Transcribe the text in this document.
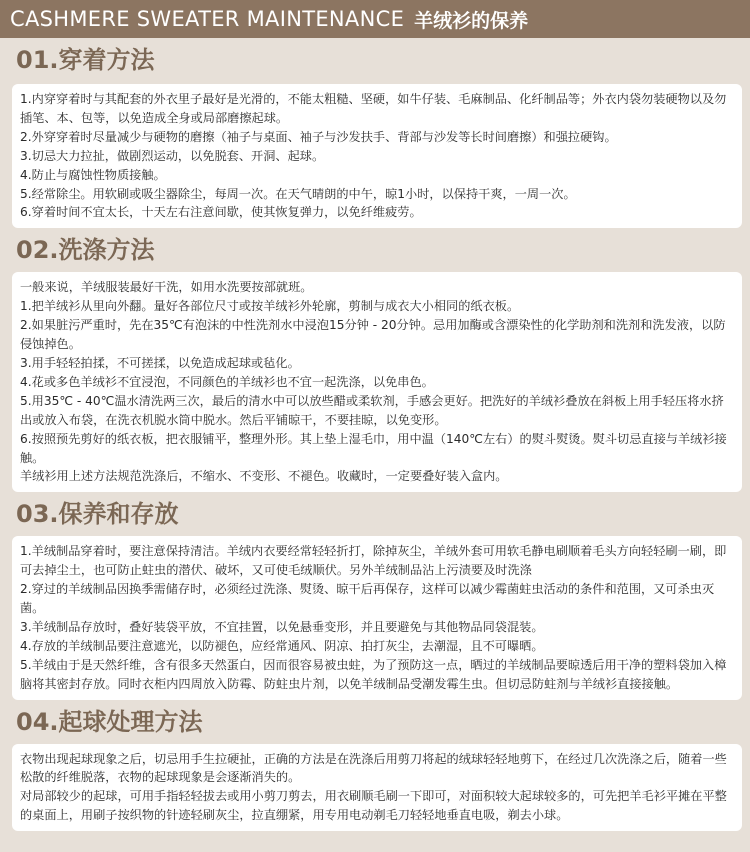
CASHMERE SWEATER MAINTENANCE 羊绒衫的保养
01.穿着方法

1.内穿穿着时与其配套的外衣里子最好是光滑的，不能太粗糙、坚硬，如牛仔装、毛麻制品、化纤制品等；外衣内袋勿装硬物以及勿插笔、本、包等，以免造成全身或局部磨擦起球。

2.外穿穿着时尽量减少与硬物的磨擦（袖子与桌面、袖子与沙发扶手、背部与沙发等长时间磨擦）和强拉硬钩。

3.切忌大力拉扯，做剧烈运动，以免脱套、开洞、起球。

4.防止与腐蚀性物质接触。

5.经常除尘。用软刷或吸尘器除尘，每周一次。在天气晴朗的中午，晾1小时，以保持干爽，一周一次。

6.穿着时间不宜太长，十天左右注意间歇，使其恢复弹力，以免纤维疲劳。

02.洗涤方法

一般来说，羊绒服装最好干洗，如用水洗要按部就班。

1.把羊绒衫从里向外翻。量好各部位尺寸或按羊绒衫外轮廓，剪制与成衣大小相同的纸衣板。

2.如果脏污严重时，先在35℃有泡沫的中性洗剂水中浸泡15分钟 - 20分钟。忌用加酶或含漂染性的化学助剂和洗剂和洗发液，以防侵蚀掉色。

3.用手轻轻拍揉，不可搓揉，以免造成起球或毡化。

4.花或多色羊绒衫不宜浸泡，不同颜色的羊绒衫也不宜一起洗涤，以免串色。

5.用35℃ - 40℃温水清洗两三次，最后的清水中可以放些醋或柔软剂，手感会更好。把洗好的羊绒衫叠放在斜板上用手轻压将水挤出或放入布袋，在洗衣机脱水筒中脱水。然后平铺晾干，不要挂晾，以免变形。

6.按照预先剪好的纸衣板，把衣服铺平，整理外形。其上垫上湿毛巾，用中温（140℃左右）的熨斗熨烫。熨斗切忌直接与羊绒衫接触。

羊绒衫用上述方法规范洗涤后，不缩水、不变形、不褪色。收藏时，一定要叠好装入盒内。

03.保养和存放

1.羊绒制品穿着时，要注意保持清洁。羊绒内衣要经常轻轻折打，除掉灰尘，羊绒外套可用软毛静电刷顺着毛头方向轻轻刷一刷，即可去掉尘土，也可防止蛀虫的潜伏、破坏，又可使毛绒顺伏。另外羊绒制品沾上污渍要及时洗涤

2.穿过的羊绒制品因换季需储存时，必须经过洗涤、熨烫、晾干后再保存，这样可以减少霉菌蛀虫活动的条件和范围，又可杀虫灭菌。

3.羊绒制品存放时，叠好装袋平放，不宜挂置，以免悬垂变形，并且要避免与其他物品同袋混装。

4.存放的羊绒制品要注意遮光，以防褪色，应经常通风、阴凉、拍打灰尘，去潮湿，且不可曝晒。

5.羊绒由于是天然纤维，含有很多天然蛋白，因而很容易被虫蛀，为了预防这一点，晒过的羊绒制品要晾透后用干净的塑料袋加入樟脑将其密封存放。同时衣柜内四周放入防霉、防蛀虫片剂，以免羊绒制品受潮发霉生虫。但切忌防蛀剂与羊绒衫直接接触。

04.起球处理方法

衣物出现起球现象之后，切忌用手生拉硬扯，正确的方法是在洗涤后用剪刀将起的绒球轻轻地剪下，在经过几次洗涤之后，随着一些松散的纤维脱落，衣物的起球现象是会逐渐消失的。

对局部较少的起球，可用手指轻轻拔去或用小剪刀剪去，用衣刷顺毛刷一下即可，对面积较大起球较多的，可先把羊毛衫平摊在平整的桌面上，用刷子按织物的针迹轻刷灰尘，拉直绷紧，用专用电动剃毛刀轻轻地垂直电吸，剃去小球。
